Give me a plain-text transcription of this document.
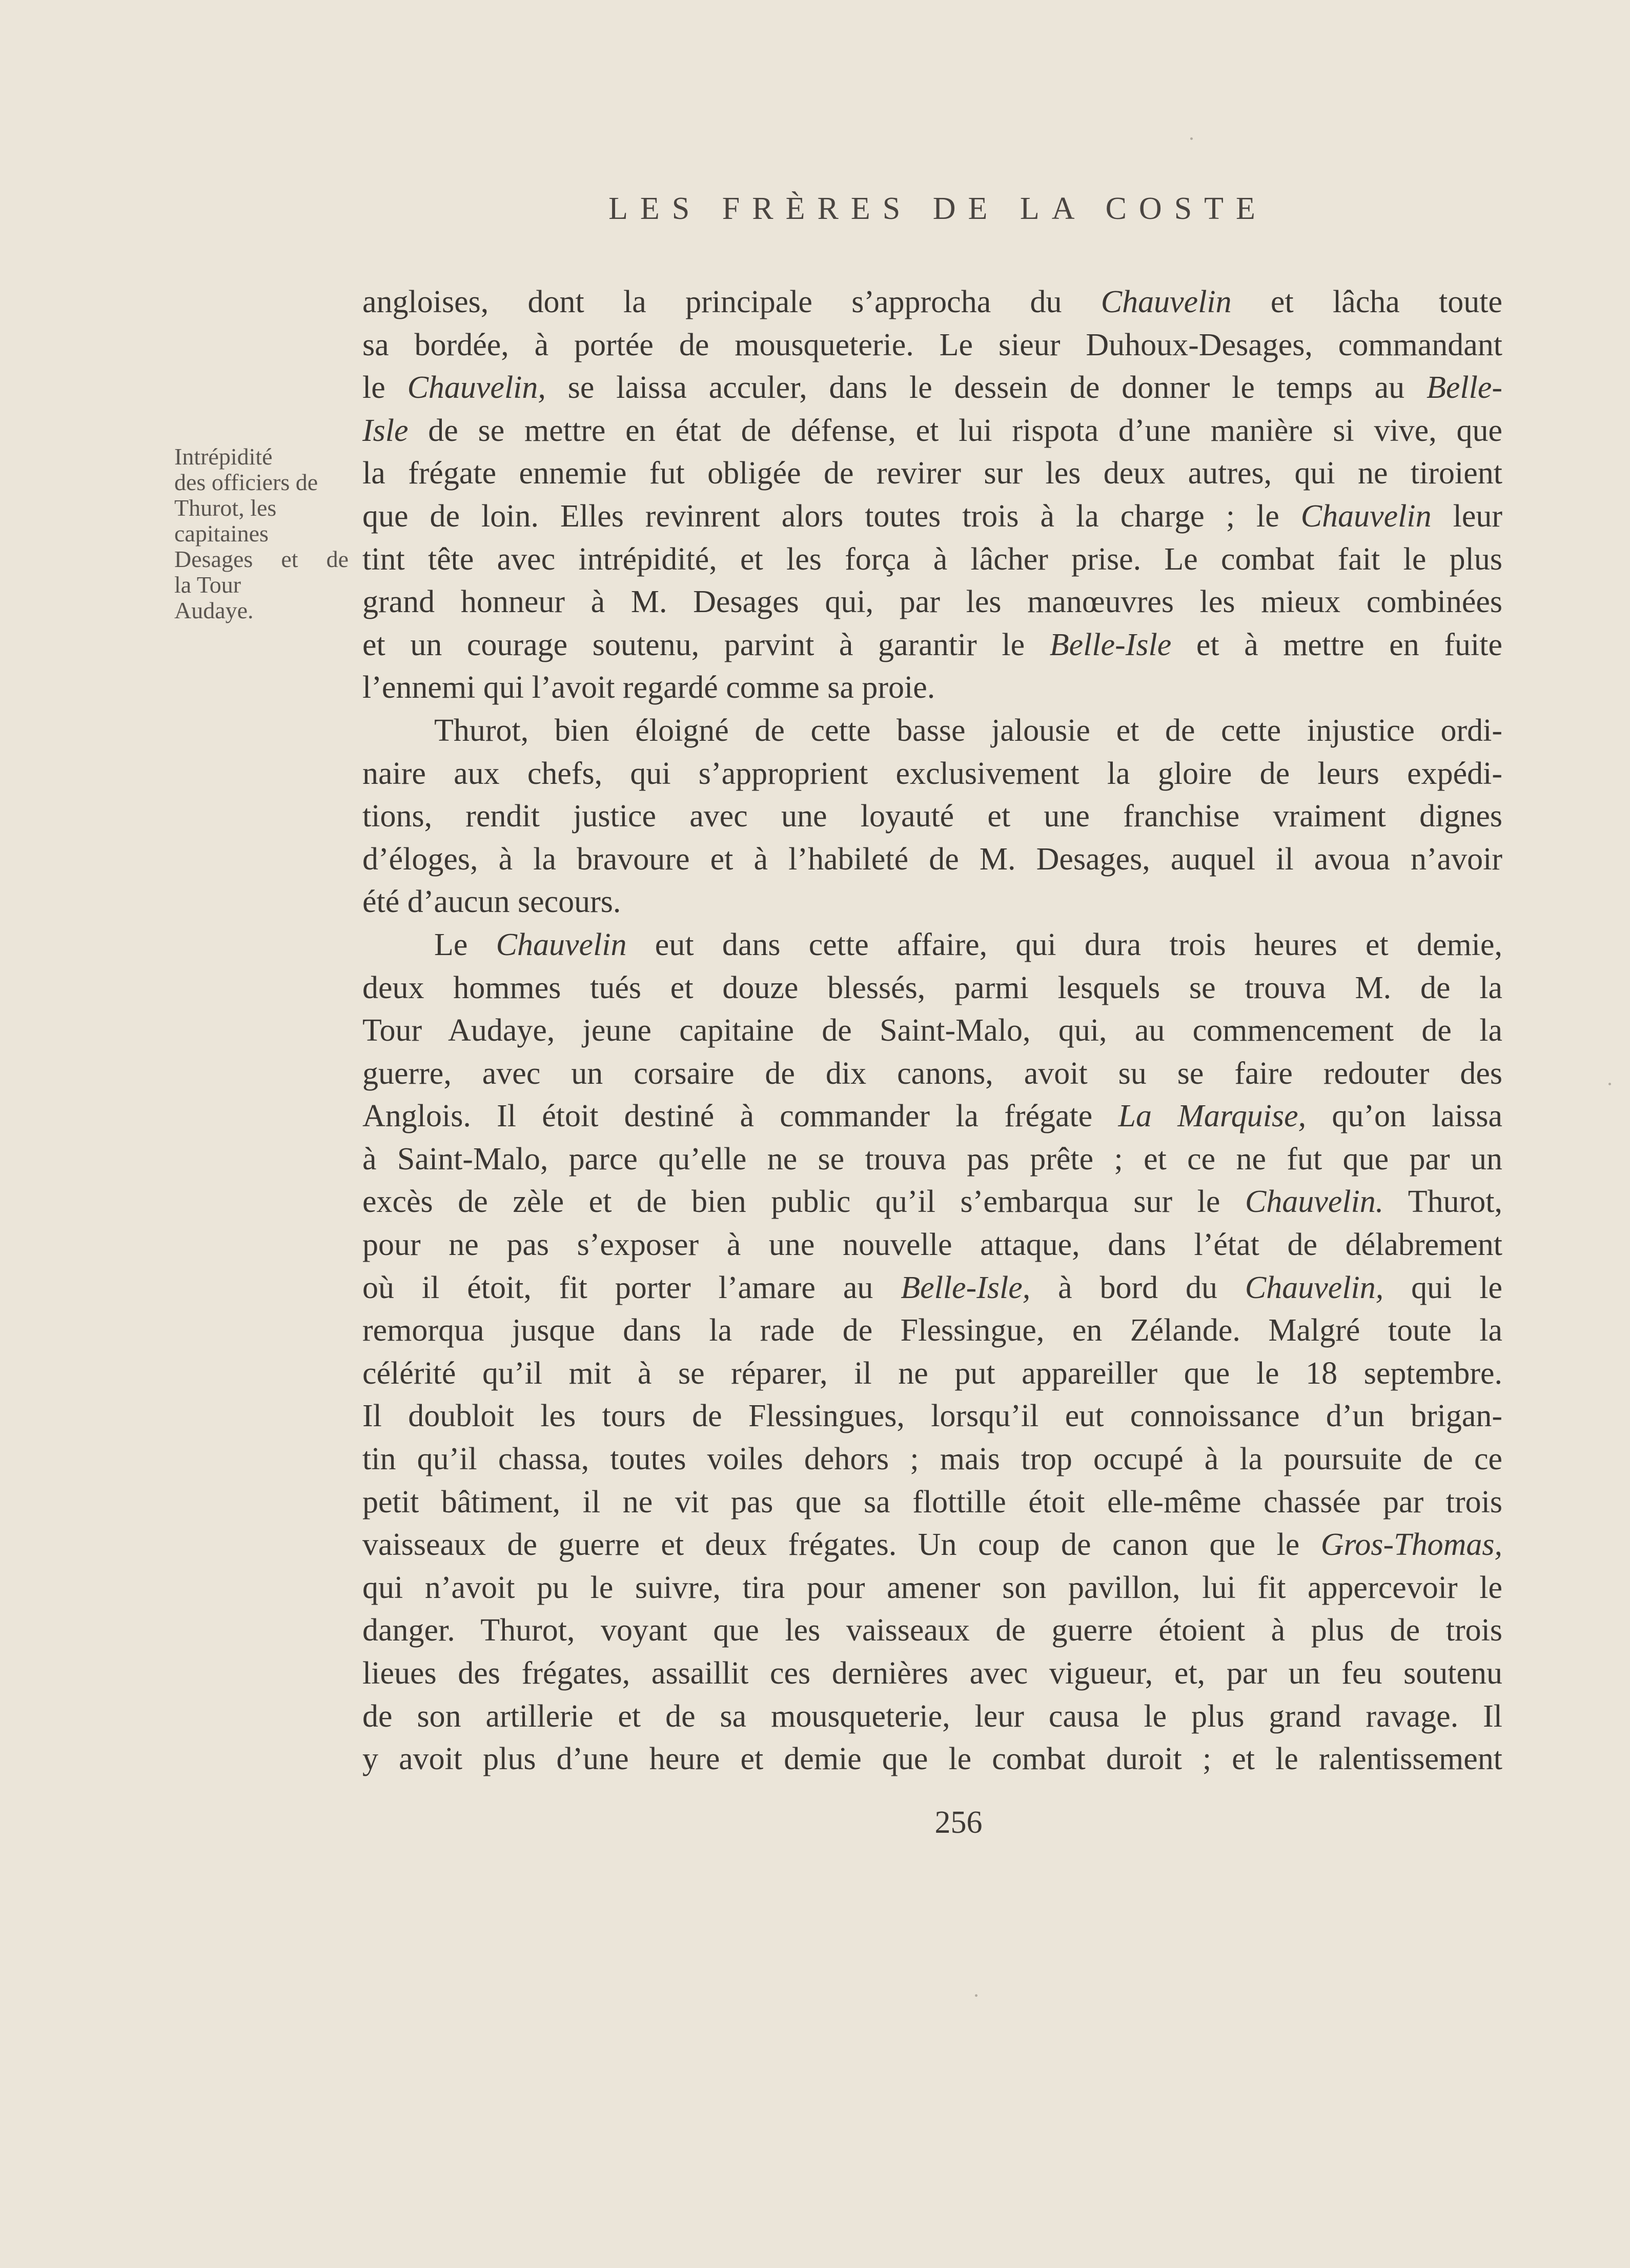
LES FRÈRES DE LA COSTE
Intrépidité
des officiers de
Thurot, les
capitaines
Desages et de
la Tour
Audaye.
angloises, dont la principale s’approcha du Chauvelin et lâcha toute
sa bordée, à portée de mousqueterie. Le sieur Duhoux-Desages, commandant
le Chauvelin, se laissa acculer, dans le dessein de donner le temps au Belle-
Isle de se mettre en état de défense, et lui rispota d’une manière si vive, que
la frégate ennemie fut obligée de revirer sur les deux autres, qui ne tiroient
que de loin. Elles revinrent alors toutes trois à la charge ; le Chauvelin leur
tint tête avec intrépidité, et les força à lâcher prise. Le combat fait le plus
grand honneur à M. Desages qui, par les manœuvres les mieux combinées
et un courage soutenu, parvint à garantir le Belle-Isle et à mettre en fuite
l’ennemi qui l’avoit regardé comme sa proie.
Thurot, bien éloigné de cette basse jalousie et de cette injustice ordi-
naire aux chefs, qui s’approprient exclusivement la gloire de leurs expédi-
tions, rendit justice avec une loyauté et une franchise vraiment dignes
d’éloges, à la bravoure et à l’habileté de M. Desages, auquel il avoua n’avoir
été d’aucun secours.
Le Chauvelin eut dans cette affaire, qui dura trois heures et demie,
deux hommes tués et douze blessés, parmi lesquels se trouva M. de la
Tour Audaye, jeune capitaine de Saint-Malo, qui, au commencement de la
guerre, avec un corsaire de dix canons, avoit su se faire redouter des
Anglois. Il étoit destiné à commander la frégate La Marquise, qu’on laissa
à Saint-Malo, parce qu’elle ne se trouva pas prête ; et ce ne fut que par un
excès de zèle et de bien public qu’il s’embarqua sur le Chauvelin. Thurot,
pour ne pas s’exposer à une nouvelle attaque, dans l’état de délabrement
où il étoit, fit porter l’amare au Belle-Isle, à bord du Chauvelin, qui le
remorqua jusque dans la rade de Flessingue, en Zélande. Malgré toute la
célérité qu’il mit à se réparer, il ne put appareiller que le 18 septembre.
Il doubloit les tours de Flessingues, lorsqu’il eut connoissance d’un brigan-
tin qu’il chassa, toutes voiles dehors ; mais trop occupé à la poursuite de ce
petit bâtiment, il ne vit pas que sa flottille étoit elle-même chassée par trois
vaisseaux de guerre et deux frégates. Un coup de canon que le Gros-Thomas,
qui n’avoit pu le suivre, tira pour amener son pavillon, lui fit appercevoir le
danger. Thurot, voyant que les vaisseaux de guerre étoient à plus de trois
lieues des frégates, assaillit ces dernières avec vigueur, et, par un feu soutenu
de son artillerie et de sa mousqueterie, leur causa le plus grand ravage. Il
y avoit plus d’une heure et demie que le combat duroit ; et le ralentissement
256
